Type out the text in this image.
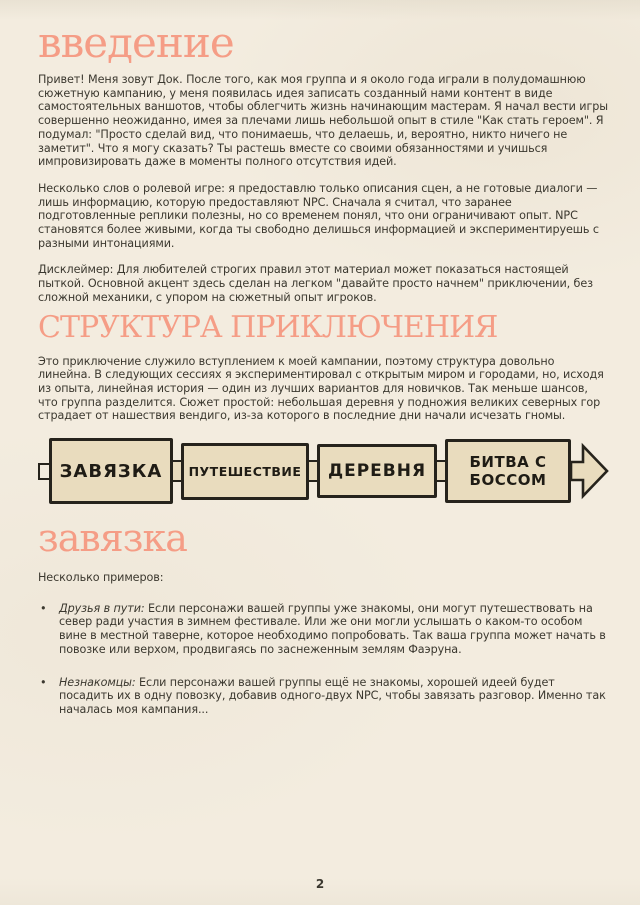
введение

Привет! Меня зовут Док. После того, как моя группа и я около года играли в полудомашнюю сюжетную кампанию, у меня появилась идея записать созданный нами контент в виде самостоятельных ваншотов, чтобы облегчить жизнь начинающим мастерам. Я начал вести игры совершенно неожиданно, имея за плечами лишь небольшой опыт в стиле "Как стать героем". Я подумал: "Просто сделай вид, что понимаешь, что делаешь, и, вероятно, никто ничего не заметит". Что я могу сказать? Ты растешь вместе со своими обязанностями и учишься импровизировать даже в моменты полного отсутствия идей.

Несколько слов о ролевой игре: я предоставлю только описания сцен, а не готовые диалоги — лишь информацию, которую предоставляют NPC. Сначала я считал, что заранее подготовленные реплики полезны, но со временем понял, что они ограничивают опыт. NPC становятся более живыми, когда ты свободно делишься информацией и экспериментируешь с разными интонациями.

Дисклеймер: Для любителей строгих правил этот материал может показаться настоящей пыткой. Основной акцент здесь сделан на легком "давайте просто начнем" приключении, без сложной механики, с упором на сюжетный опыт игроков.

СТРУКТУРА ПРИКЛЮЧЕНИЯ

Это приключение служило вступлением к моей кампании, поэтому структура довольно линейна. В следующих сессиях я экспериментировал с открытым миром и городами, но, исходя из опыта, линейная история — один из лучших вариантов для новичков. Так меньше шансов, что группа разделится. Сюжет простой: небольшая деревня у подножия великих северных гор страдает от нашествия вендиго, из-за которого в последние дни начали исчезать гномы.

ЗАВЯЗКА ПУТЕШЕСТВИЕ ДЕРЕВНЯ	БИТВА С БОССОМ
завязка

Несколько примеров:

•	Друзья в пути: Если персонажи вашей группы уже знакомы, они могут путешествовать на север ради участия в зимнем фестивале. Или же они могли услышать о каком-то особом вине в местной таверне, которое необходимо попробовать. Так ваша группа может начать в повозке или верхом, продвигаясь по заснеженным землям Фаэруна.
•	Незнакомцы: Если персонажи вашей группы ещё не знакомы, хорошей идеей будет посадить их в одну повозку, добавив одного-двух NPC, чтобы завязать разговор. Именно так началась моя кампания...
2
